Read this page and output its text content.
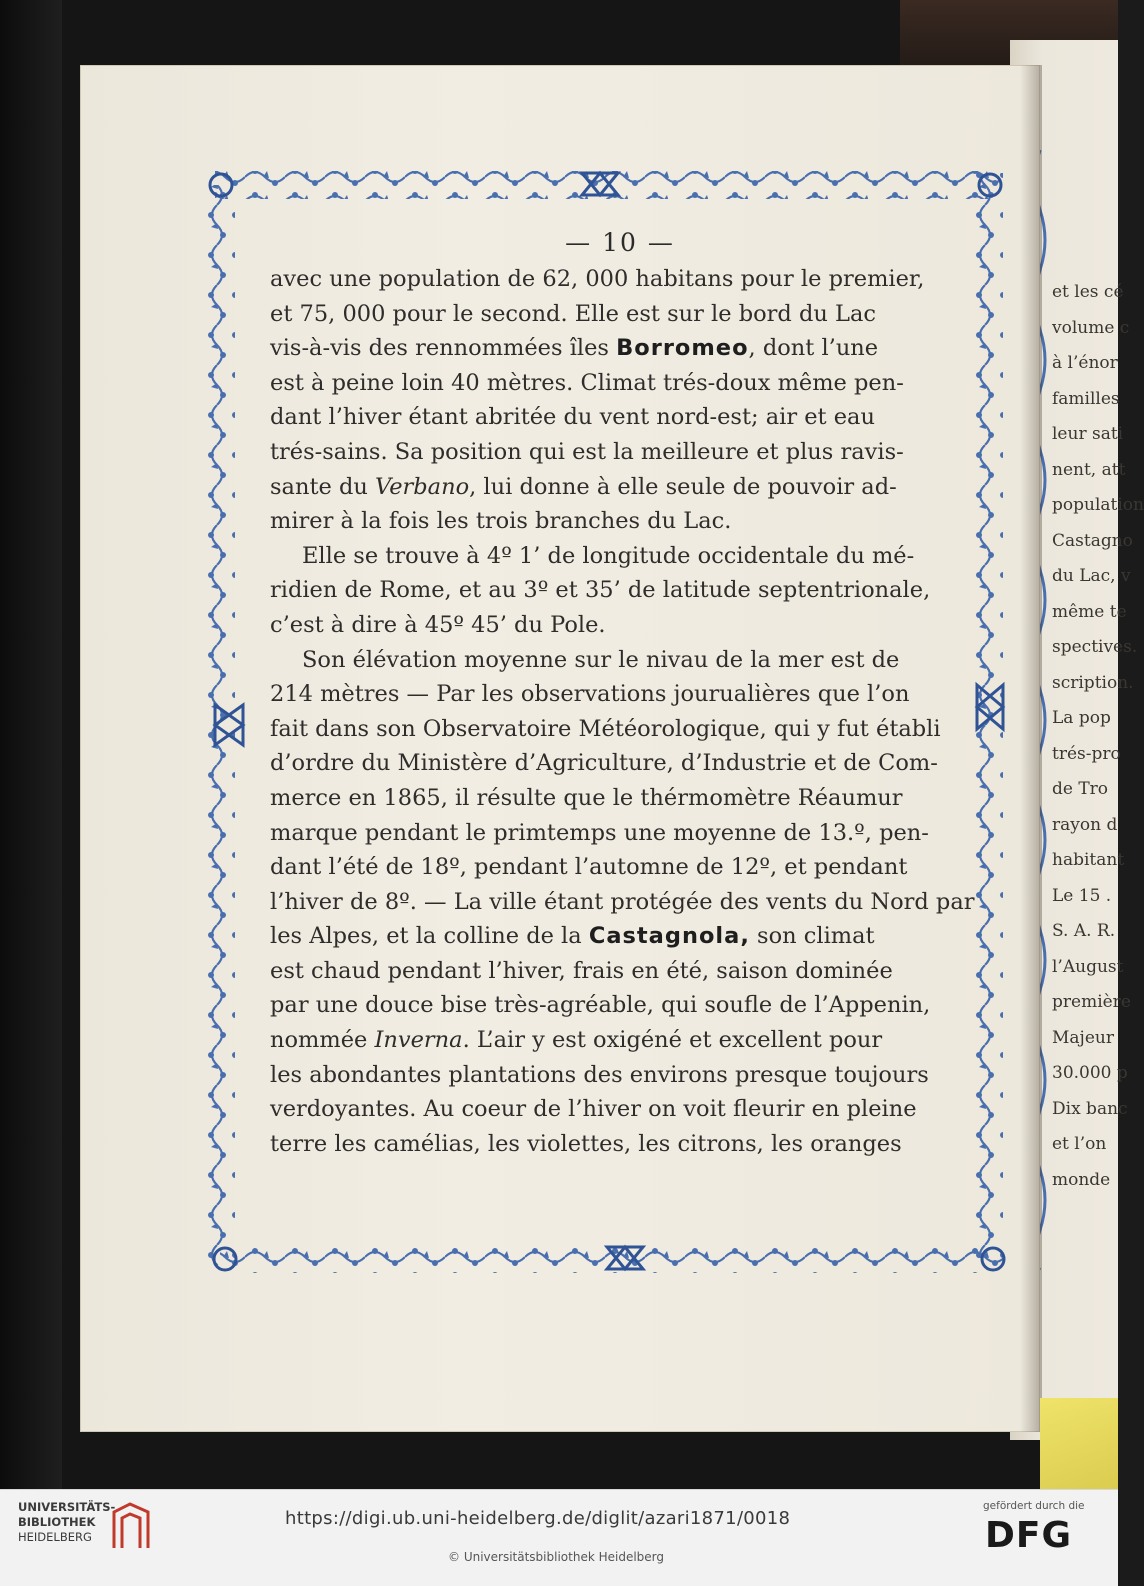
et les cé
volume c
à l’énor
familles
leur sati
nent, att
population
Castagno
du Lac, v
même te
spectives.
scription.
La pop
trés-pro
de Tro
rayon d
habitant
Le 15 .
S. A. R.
l’August
première
Majeur
30.000 p
Dix banc
et l’on
monde
— 10 —

avec une population de 62, 000 habitans pour le premier,

et 75, 000 pour le second. Elle est sur le bord du Lac

vis-à-vis des rennommées îles Borromeo, dont l’une

est à peine loin 40 mètres. Climat trés-doux même pen-

dant l’hiver étant abritée du vent nord-est; air et eau

trés-sains. Sa position qui est la meilleure et plus ravis-

sante du Verbano, lui donne à elle seule de pouvoir ad-

mirer à la fois les trois branches du Lac.

Elle se trouve à 4º 1’ de longitude occidentale du mé-

ridien de Rome, et au 3º et 35’ de latitude septentrionale,

c’est à dire à 45º 45’ du Pole.

Son élévation moyenne sur le nivau de la mer est de

214 mètres — Par les observations jourualières que l’on

fait dans son Observatoire Météorologique, qui y fut établi

d’ordre du Ministère d’Agriculture, d’Industrie et de Com-

merce en 1865, il résulte que le thérmomètre Réaumur

marque pendant le primtemps une moyenne de 13.º, pen-

dant l’été de 18º, pendant l’automne de 12º, et pendant

l’hiver de 8º. — La ville étant protégée des vents du Nord par

les Alpes, et la colline de la Castagnola, son climat

est chaud pendant l’hiver, frais en été, saison dominée

par une douce bise très-agréable, qui soufle de l’Appenin,

nommée Inverna. L’air y est oxigéné et excellent pour

les abondantes plantations des environs presque toujours

verdoyantes. Au coeur de l’hiver on voit fleurir en pleine

terre les camélias, les violettes, les citrons, les oranges

UNIVERSITÄTS-
BIBLIOTHEK
HEIDELBERG
https://digi.ub.uni-heidelberg.de/diglit/azari1871/0018
© Universitätsbibliothek Heidelberg
gefördert durch die
DFG
